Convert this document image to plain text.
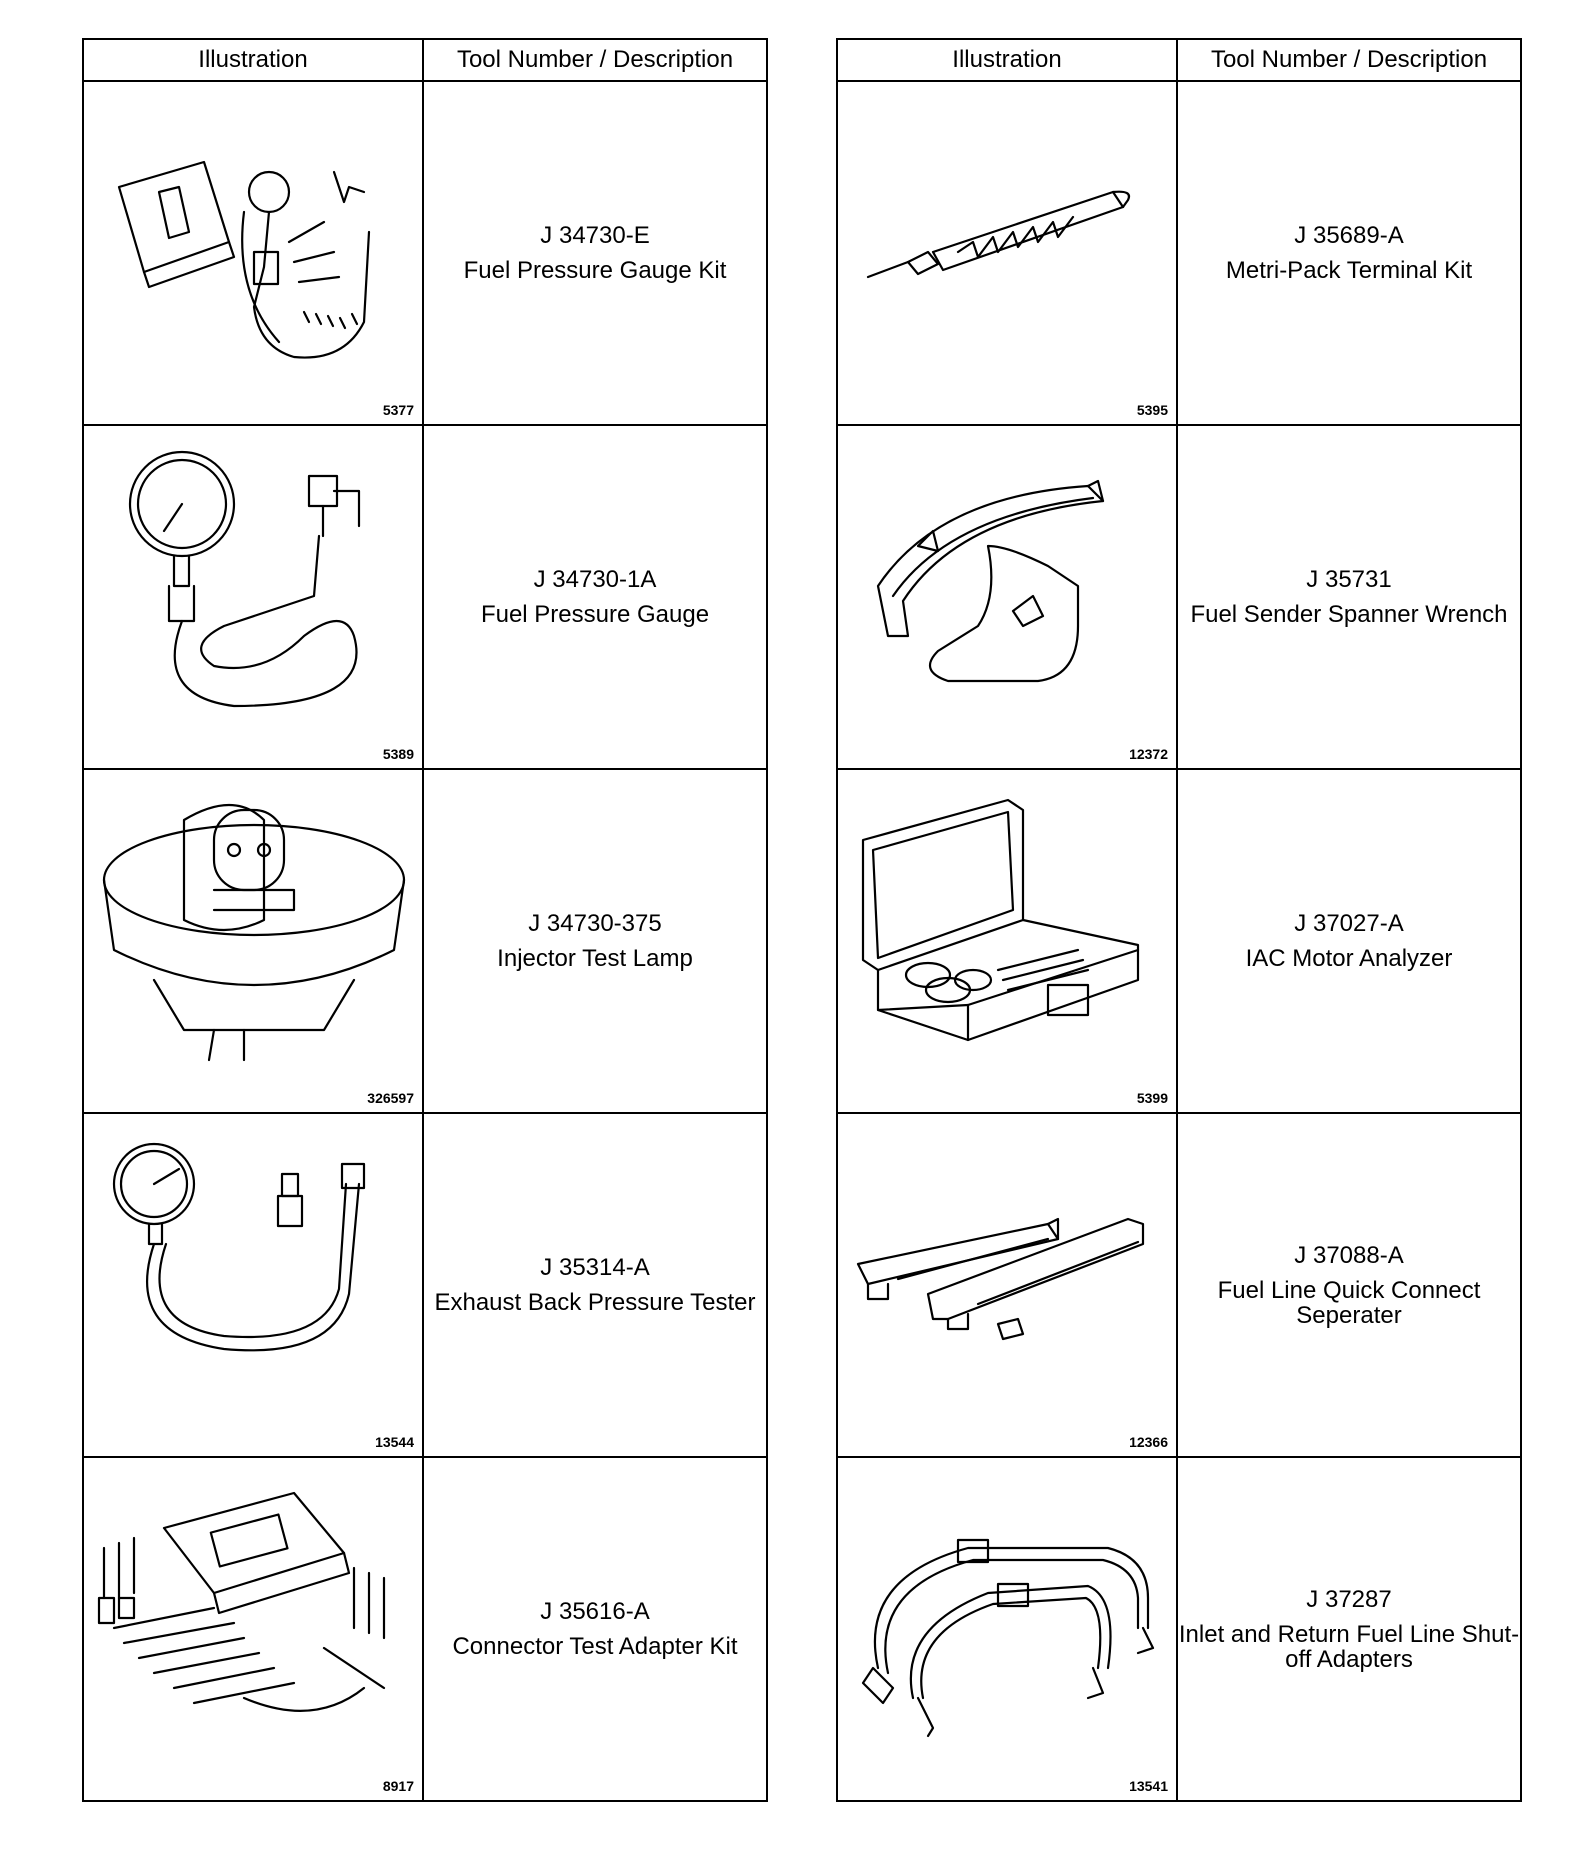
Illustration	Tool Number / Description

5377	J 34730-E
Fuel Pressure Gauge Kit

5389	J 34730-1A
Fuel Pressure Gauge

326597	J 34730-375
Injector Test Lamp

13544	J 35314-A
Exhaust Back Pressure Tester

8917	J 35616-A
Connector Test Adapter Kit
Illustration	Tool Number / Description

5395	J 35689-A
Metri-Pack Terminal Kit

12372	J 35731
Fuel Sender Spanner Wrench

5399	J 37027-A
IAC Motor Analyzer

12366	J 37088-A
Fuel Line Quick Connect Seperater

13541	J 37287
Inlet and Return Fuel Line Shut-off Adapters
